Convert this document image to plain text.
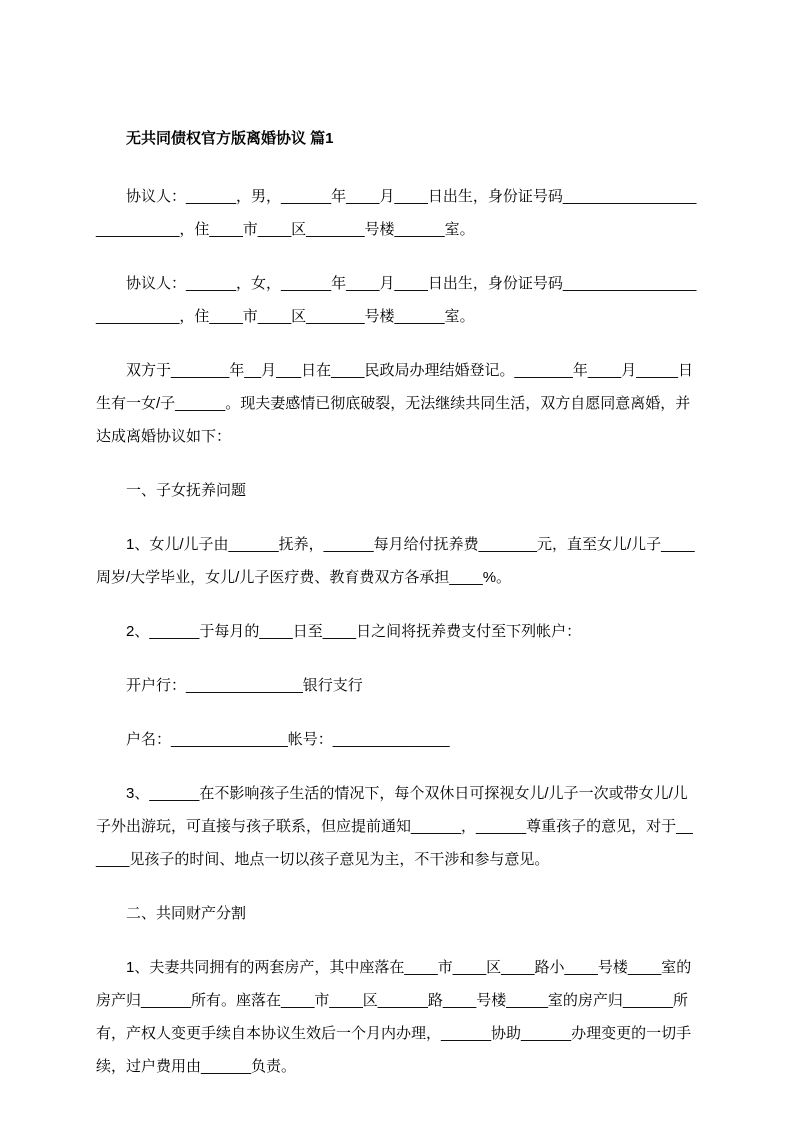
无共同债权官方版离婚协议 篇1

协议人：______，男，______年____月____日出生，身份证号码__________________________，住____市____区_______号楼______室。

协议人：______，女，______年____月____日出生，身份证号码__________________________，住____市____区_______号楼______室。

双方于_______年__月___日在____民政局办理结婚登记。_______年____月_____日生有一女/子______。现夫妻感情已彻底破裂，无法继续共同生活，双方自愿同意离婚，并达成离婚协议如下：

一、子女抚养问题

1、女儿/儿子由______抚养，______每月给付抚养费_______元，直至女儿/儿子____周岁/大学毕业，女儿/儿子医疗费、教育费双方各承担____%。

2、______于每月的____日至____日之间将抚养费支付至下列帐户：

开户行：______________银行支行

户名：______________帐号：______________

3、______在不影响孩子生活的情况下，每个双休日可探视女儿/儿子一次或带女儿/儿子外出游玩，可直接与孩子联系，但应提前通知______，______尊重孩子的意见，对于______见孩子的时间、地点一切以孩子意见为主，不干涉和参与意见。

二、共同财产分割

1、夫妻共同拥有的两套房产，其中座落在____市____区____路小____号楼____室的房产归______所有。座落在____市____区______路____号楼_____室的房产归______所有，产权人变更手续自本协议生效后一个月内办理，______协助______办理变更的一切手续，过户费用由______负责。
